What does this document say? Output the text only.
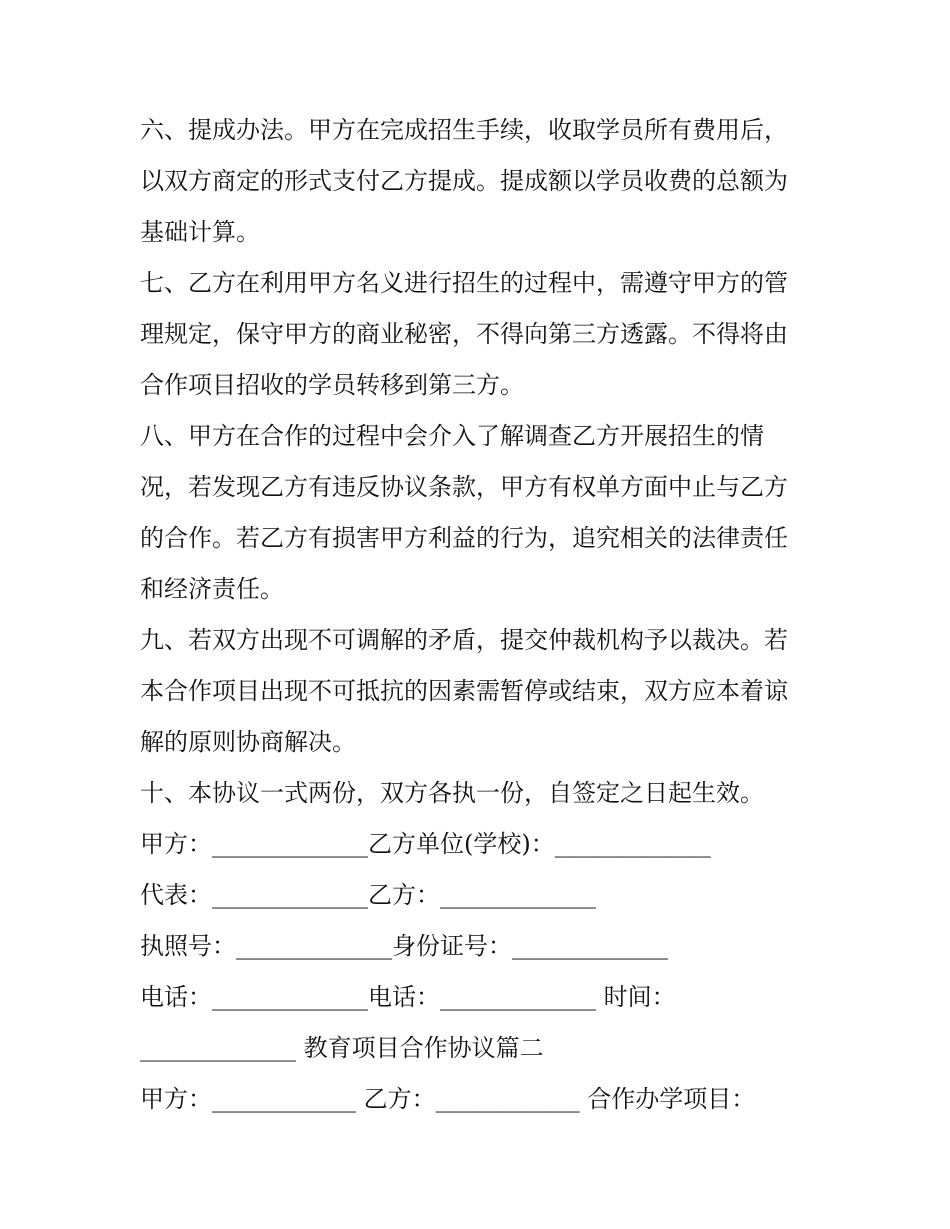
六、提成办法。甲方在完成招生手续，收取学员所有费用后，
以双方商定的形式支付乙方提成。提成额以学员收费的总额为
基础计算。
七、乙方在利用甲方名义进行招生的过程中，需遵守甲方的管
理规定，保守甲方的商业秘密，不得向第三方透露。不得将由
合作项目招收的学员转移到第三方。
八、甲方在合作的过程中会介入了解调查乙方开展招生的情
况，若发现乙方有违反协议条款，甲方有权单方面中止与乙方
的合作。若乙方有损害甲方利益的行为，追究相关的法律责任
和经济责任。
九、若双方出现不可调解的矛盾，提交仲裁机构予以裁决。若
本合作项目出现不可抵抗的因素需暂停或结束，双方应本着谅
解的原则协商解决。
十、本协议一式两份，双方各执一份，自签定之日起生效。
甲方：_____________乙方单位(学校)：_____________
代表：_____________乙方：_____________
执照号：_____________身份证号：_____________
电话：_____________电话：_____________ 时间：
_____________ 教育项目合作协议篇二
甲方：____________ 乙方：____________ 合作办学项目：
